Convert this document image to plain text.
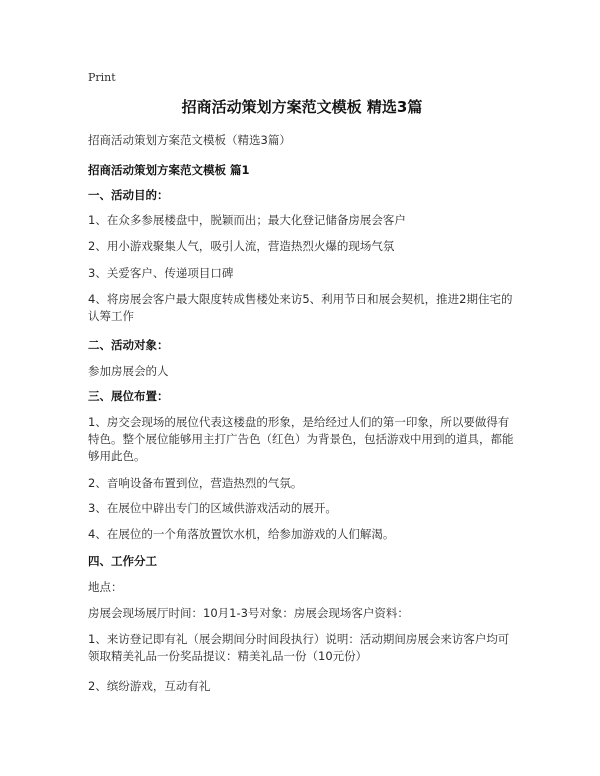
Print
招商活动策划方案范文模板 精选3篇
招商活动策划方案范文模板（精选3篇）
招商活动策划方案范文模板 篇1
一、活动目的：
1、在众多参展楼盘中，脱颖而出；最大化登记储备房展会客户
2、用小游戏聚集人气，吸引人流，营造热烈火爆的现场气氛
3、关爱客户、传递项目口碑
4、将房展会客户最大限度转成售楼处来访5、利用节日和展会契机，推进2期住宅的认筹工作
二、活动对象：
参加房展会的人
三、展位布置：
1、房交会现场的展位代表这楼盘的形象，是给经过人们的第一印象，所以要做得有特色。整个展位能够用主打广告色（红色）为背景色，包括游戏中用到的道具，都能够用此色。
2、音响设备布置到位，营造热烈的气氛。
3、在展位中辟出专门的区域供游戏活动的展开。
4、在展位的一个角落放置饮水机，给参加游戏的人们解渴。
四、工作分工
地点：
房展会现场展厅时间：10月1-3号对象：房展会现场客户资料：
1、来访登记即有礼（展会期间分时间段执行）说明：活动期间房展会来访客户均可领取精美礼品一份奖品提议：精美礼品一份（10元份）
2、缤纷游戏，互动有礼
